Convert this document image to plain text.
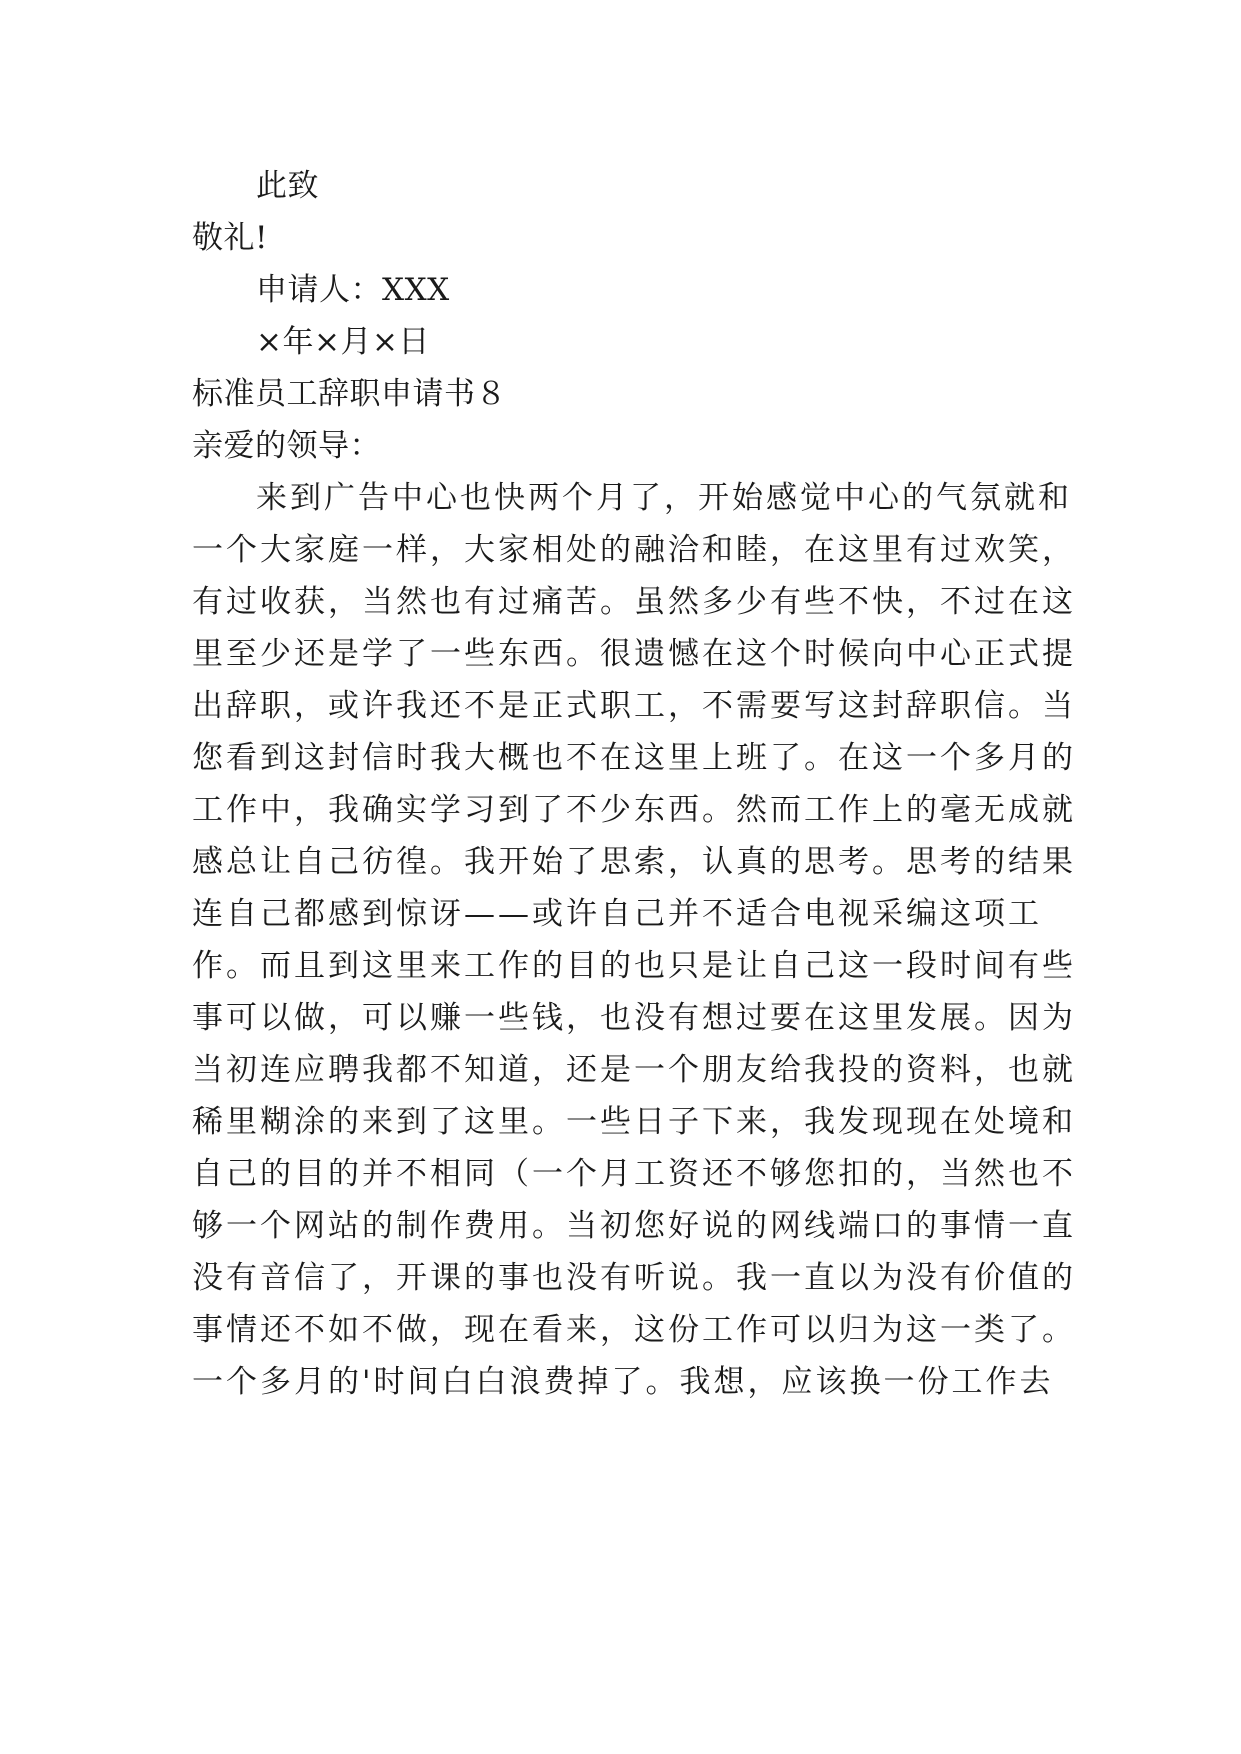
此致
敬礼!
申请人：XXX
×年×月×日
标准员工辞职申请书８
亲爱的领导：
来到广告中心也快两个月了，开始感觉中心的气氛就和
一个大家庭一样，大家相处的融洽和睦，在这里有过欢笑，
有过收获，当然也有过痛苦。虽然多少有些不快，不过在这
里至少还是学了一些东西。很遗憾在这个时候向中心正式提
出辞职，或许我还不是正式职工，不需要写这封辞职信。当
您看到这封信时我大概也不在这里上班了。在这一个多月的
工作中，我确实学习到了不少东西。然而工作上的毫无成就
感总让自己彷徨。我开始了思索，认真的思考。思考的结果
连自己都感到惊讶——或许自己并不适合电视采编这项工
作。而且到这里来工作的目的也只是让自己这一段时间有些
事可以做，可以赚一些钱，也没有想过要在这里发展。因为
当初连应聘我都不知道，还是一个朋友给我投的资料，也就
稀里糊涂的来到了这里。一些日子下来，我发现现在处境和
自己的目的并不相同（一个月工资还不够您扣的，当然也不
够一个网站的制作费用。当初您好说的网线端口的事情一直
没有音信了，开课的事也没有听说。我一直以为没有价值的
事情还不如不做，现在看来，这份工作可以归为这一类了。
一个多月的'时间白白浪费掉了。我想，应该换一份工作去
